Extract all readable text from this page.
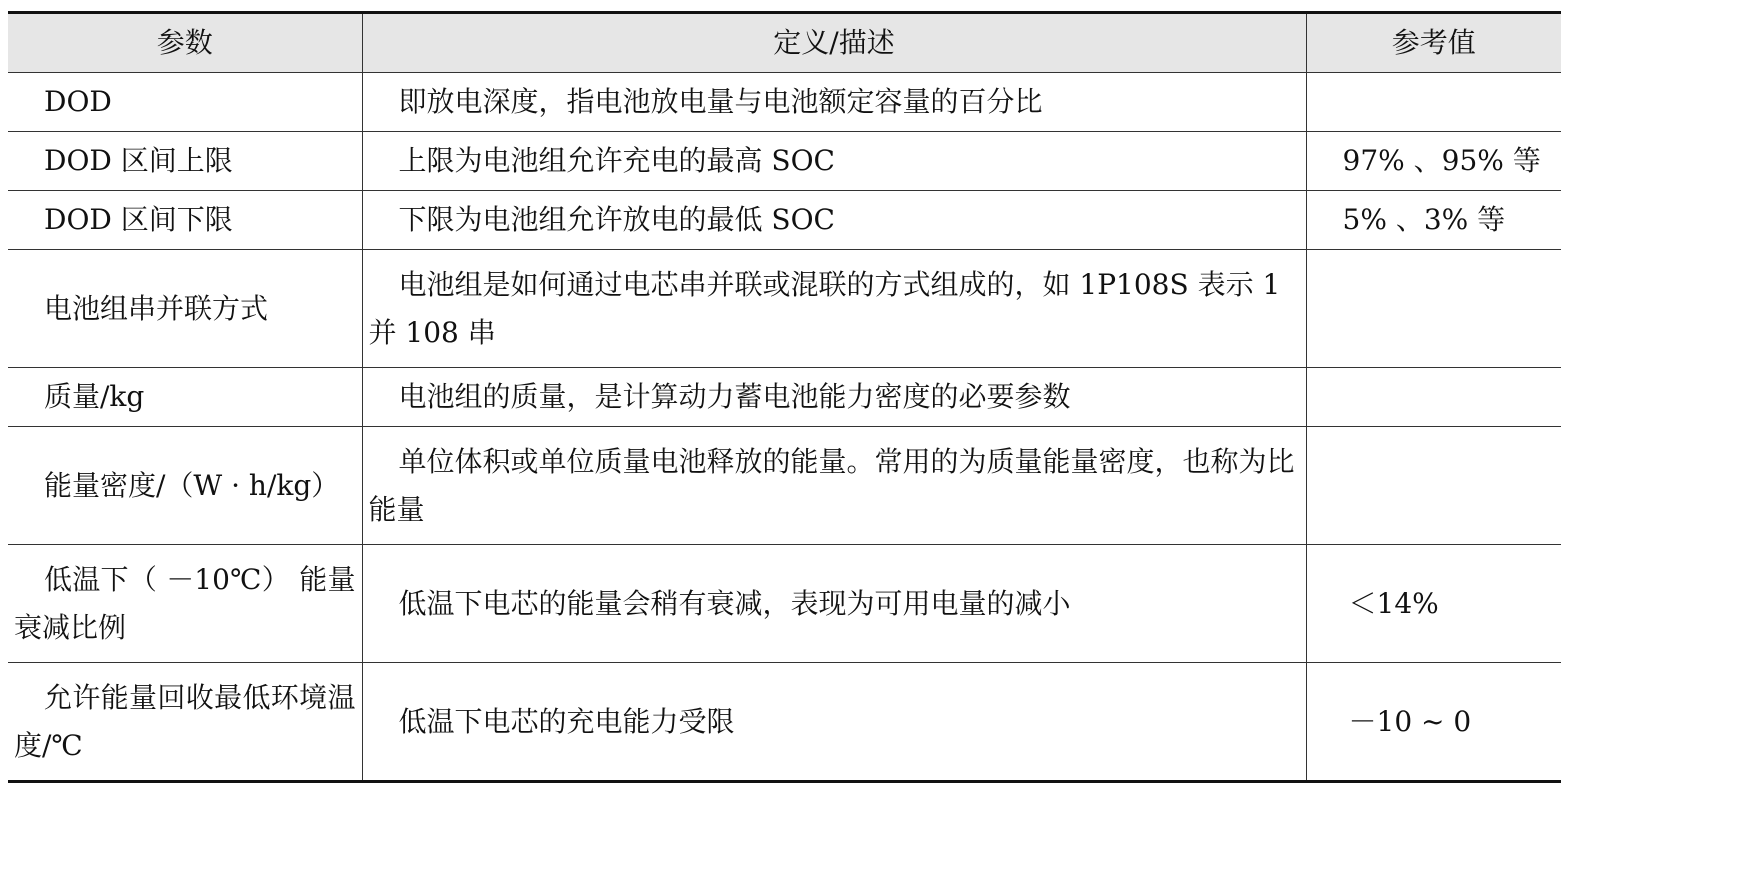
参数	定义/描述	参考值
DOD	即放电深度，指电池放电量与电池额定容量的百分比	
DOD 区间上限	上限为电池组允许充电的最高 SOC	97% 、95% 等
DOD 区间下限	下限为电池组允许放电的最低 SOC	5% 、3% 等
电池组串并联方式	电池组是如何通过电芯串并联或混联的方式组成的，如 1P108S 表示 1 并 108 串	
质量/kg	电池组的质量，是计算动力蓄电池能力密度的必要参数	
能量密度/（W · h/kg）	单位体积或单位质量电池释放的能量。常用的为质量能量密度，也称为比能量	
低温下（ －10℃） 能量衰减比例	低温下电芯的能量会稍有衰减，表现为可用电量的减小	＜14%
允许能量回收最低环境温度/℃	低温下电芯的充电能力受限	－10 ~ 0
